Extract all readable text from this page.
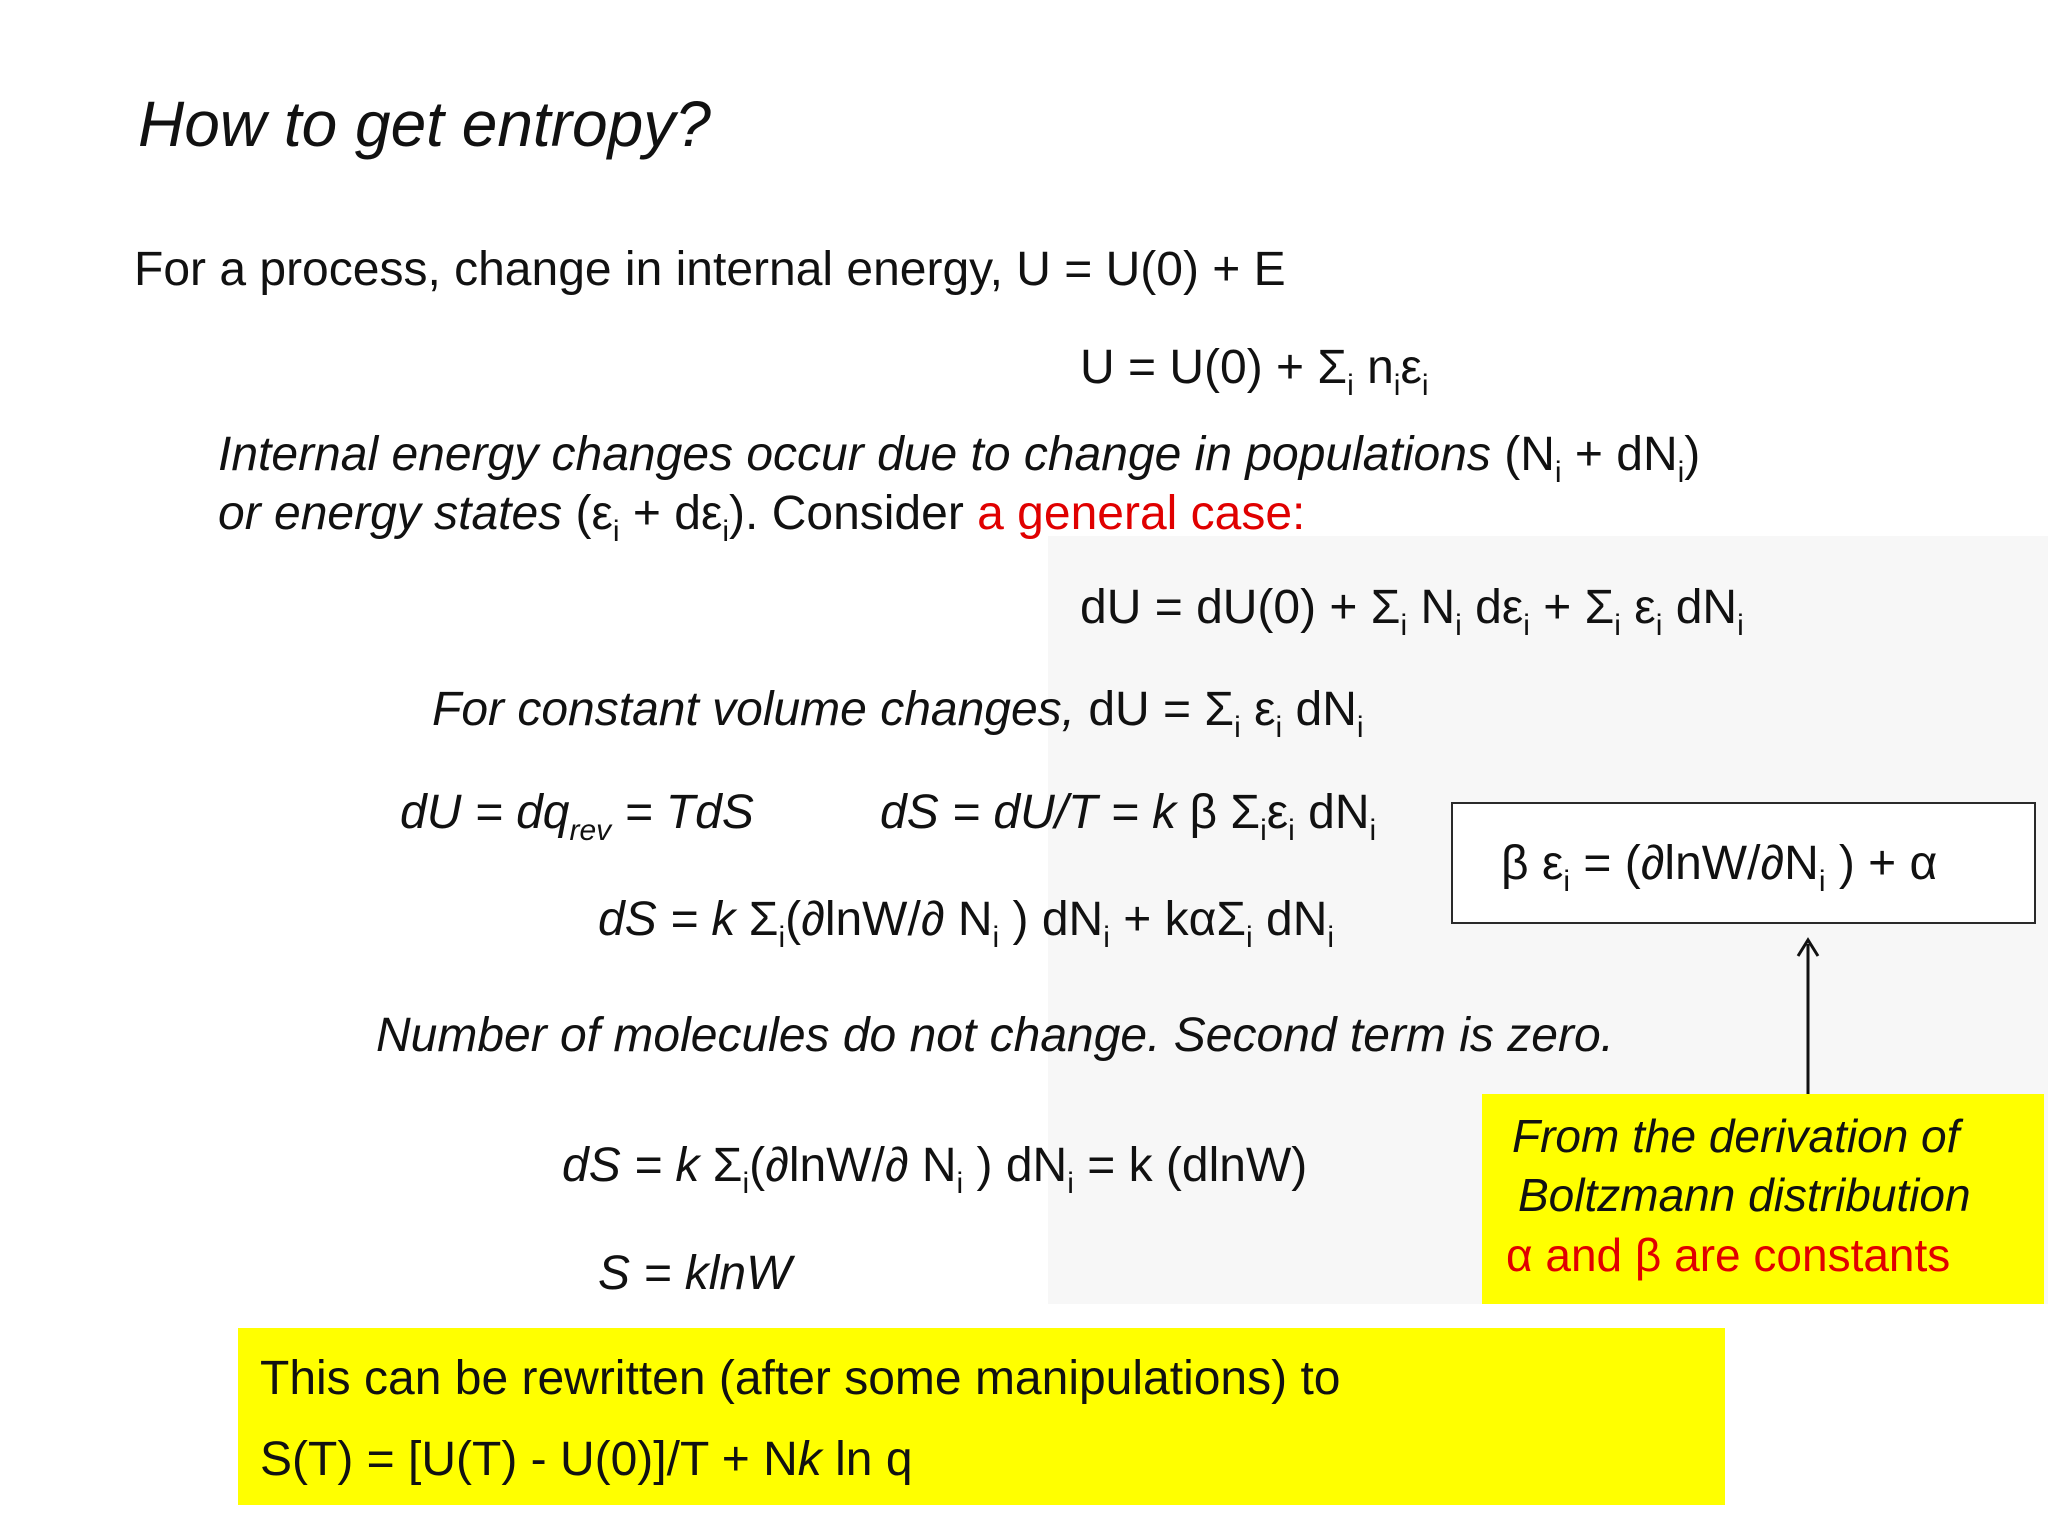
How to get entropy?
For a process, change in internal energy, U = U(0) + E
$U = U(0) + \Sigma_i$ $n_i\varepsilon_i$
Internal energy changes occur due to change in populations $(N_i + dN_i)$
or energy states $(\varepsilon_i + d\varepsilon_i)$. Consider a general case:
dU = $dU(0) + \Sigma_i$ $N_i$ $d\varepsilon_i + \Sigma_i$ $\varepsilon_i$ $dN_i$
For constant volume changes, dU = $\Sigma_i$ $\varepsilon_i$ $dN_i$
dU = $dq_{rev}$ = TdS	dS = dU/T = k β $\Sigma_i\varepsilon_i$ $dN_i$
β $\varepsilon_i = (\partial\ln W/\partial N_i$ ) + α
dS = k $\Sigma_i(\partial\ln W/\partial$ $N_i$ ) $dN_i + k\alpha\Sigma_i$ $dN_i$
Number of molecules do not change. Second term is zero.
From the derivation of
Boltzmann distribution
α and β are constants
dS = k $\Sigma_i(\partial\ln W/\partial$ $N_i$ ) $dN_i = k$ (dlnW)
S = klnW
This can be rewritten (after some manipulations) to
S(T) = [U(T) - U(0)]/T + Nk ln q
